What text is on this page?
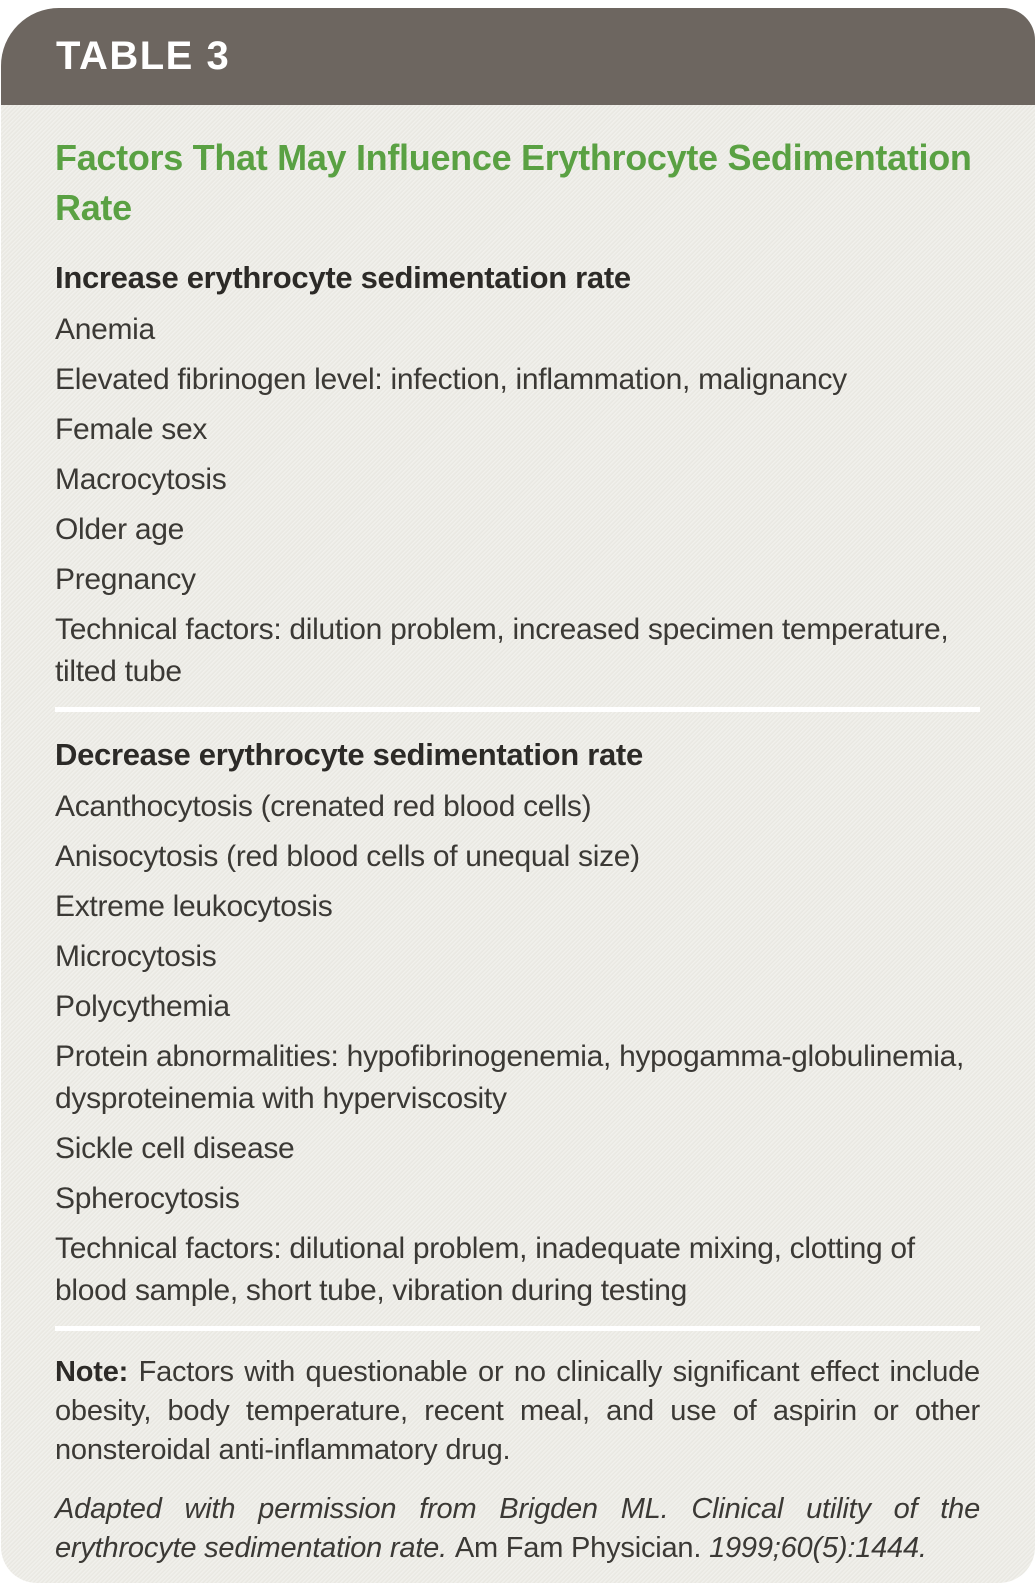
TABLE 3
Factors That May Influence Erythrocyte Sedimentation Rate
Increase erythrocyte sedimentation rate
Anemia
Elevated fibrinogen level: infection, inflammation, malignancy
Female sex
Macrocytosis
Older age
Pregnancy
Technical factors: dilution problem, increased specimen temperature, tilted tube
Decrease erythrocyte sedimentation rate
Acanthocytosis (crenated red blood cells)
Anisocytosis (red blood cells of unequal size)
Extreme leukocytosis
Microcytosis
Polycythemia
Protein abnormalities: hypofibrinogenemia, hypogamma-globulinemia, dysproteinemia with hyperviscosity
Sickle cell disease
Spherocytosis
Technical factors: dilutional problem, inadequate mixing, clotting of blood sample, short tube, vibration during testing

Note: Factors with questionable or no clinically significant effect include obesity, body temperature, recent meal, and use of aspirin or other nonsteroidal anti-inflammatory drug.

Adapted with permission from Brigden ML. Clinical utility of the erythrocyte sedimentation rate. Am Fam Physician. 1999;60(5):1444.
